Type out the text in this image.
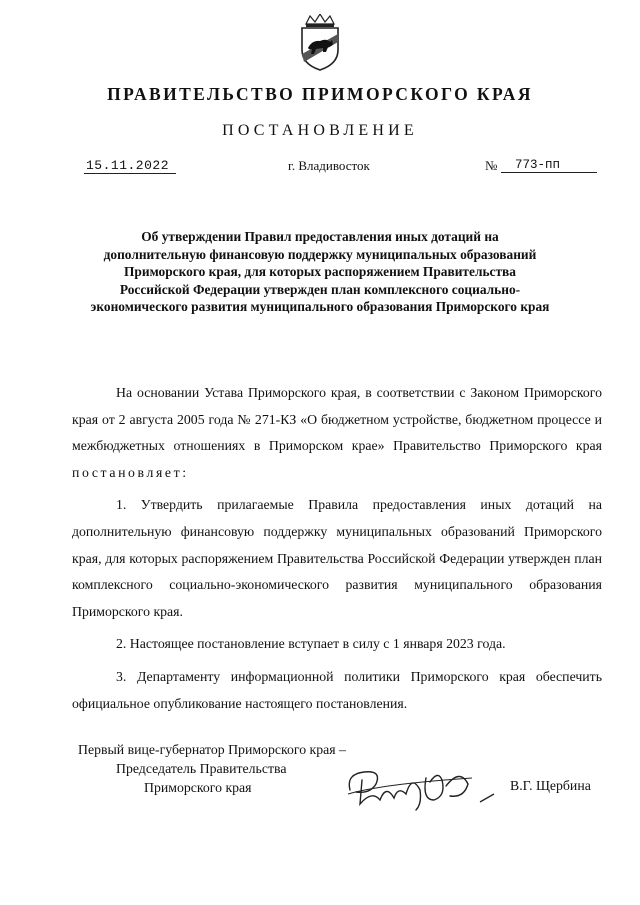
ПРАВИТЕЛЬСТВО ПРИМОРСКОГО КРАЯ
ПОСТАНОВЛЕНИЕ
15.11.2022	г. Владивосток	№	773-пп
Об утверждении Правил предоставления иных дотаций на дополнительную финансовую поддержку муниципальных образований Приморского края, для которых распоряжением Правительства Российской Федерации утвержден план комплексного социально-экономического развития муниципального образования Приморского края

На основании Устава Приморского края, в соответствии с Законом Приморского края от 2 августа 2005 года № 271-КЗ «О бюджетном устройстве, бюджетном процессе и межбюджетных отношениях в Приморском крае» Правительство Приморского края постановляет:

1. Утвердить прилагаемые Правила предоставления иных дотаций на дополнительную финансовую поддержку муниципальных образований Приморского края, для которых распоряжением Правительства Российской Федерации утвержден план комплексного социально-экономического развития муниципального образования Приморского края.

2. Настоящее постановление вступает в силу с 1 января 2023 года.

3. Департаменту информационной политики Приморского края обеспечить официальное опубликование настоящего постановления.

Первый вице-губернатор Приморского края –
Председатель Правительства
Приморского края	В.Г. Щербина
